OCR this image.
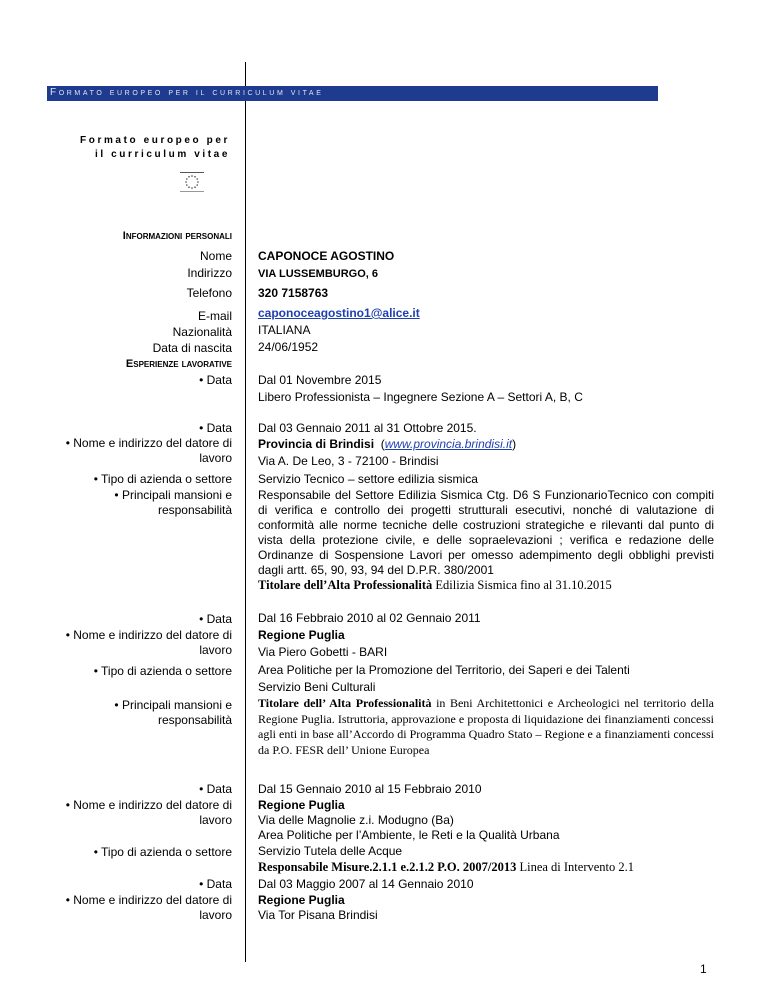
Formato europeo per il curriculum vitae
Formato europeo per
il curriculum vitae
Informazioni personali
Nome CAPONOCE AGOSTINO
Indirizzo VIA LUSSEMBURGO, 6
Telefono 320 7158763
E-mail caponoceagostino1@alice.it
Nazionalità ITALIANA
Data di nascita 24/06/1952
Esperienze lavorative
• Data Dal 01 Novembre 2015
Libero Professionista – Ingegnere Sezione A – Settori A, B, C
• Data Dal 03 Gennaio 2011 al 31 Ottobre 2015.
• Nome e indirizzo del datore di
lavoro
Provincia di Brindisi  (www.provincia.brindisi.it)
Via A. De Leo, 3 - 72100 - Brindisi
• Tipo di azienda o settore Servizio Tecnico – settore edilizia sismica
• Principali mansioni e
responsabilità
Responsabile del Settore Edilizia Sismica Ctg. D6 S FunzionarioTecnico con compiti di verifica e controllo dei progetti strutturali esecutivi, nonché di valutazione di conformità alle norme tecniche delle costruzioni strategiche e rilevanti dal punto di vista della protezione civile, e delle sopraelevazioni ; verifica e redazione delle Ordinanze di Sospensione Lavori per omesso adempimento degli obblighi previsti dagli artt. 65, 90, 93, 94 del D.P.R. 380/2001
Titolare dell’Alta Professionalità Edilizia Sismica fino al 31.10.2015
• Data Dal 16 Febbraio 2010 al 02 Gennaio 2011
• Nome e indirizzo del datore di
lavoro
Regione Puglia
Via Piero Gobetti - BARI
• Tipo di azienda o settore Area Politiche per la Promozione del Territorio, dei Saperi e dei Talenti
Servizio Beni Culturali
• Principali mansioni e
responsabilità
Titolare dell’ Alta Professionalità in Beni Architettonici e Archeologici nel territorio della Regione Puglia. Istruttoria, approvazione e proposta di liquidazione dei finanziamenti concessi agli enti in base all’Accordo di Programma Quadro Stato – Regione e a finanziamenti concessi da P.O. FESR dell’ Unione Europea
• Data Dal 15 Gennaio 2010 al 15 Febbraio 2010
• Nome e indirizzo del datore di
lavoro
Regione Puglia
Via delle Magnolie z.i. Modugno (Ba)
Area Politiche per l’Ambiente, le Reti e la Qualità Urbana
• Tipo di azienda o settore Servizio Tutela delle Acque
Responsabile Misure.2.1.1 e.2.1.2 P.O. 2007/2013 Linea di Intervento 2.1
• Data Dal 03 Maggio 2007 al 14 Gennaio 2010
• Nome e indirizzo del datore di
lavoro
Regione Puglia
Via Tor Pisana Brindisi
1
